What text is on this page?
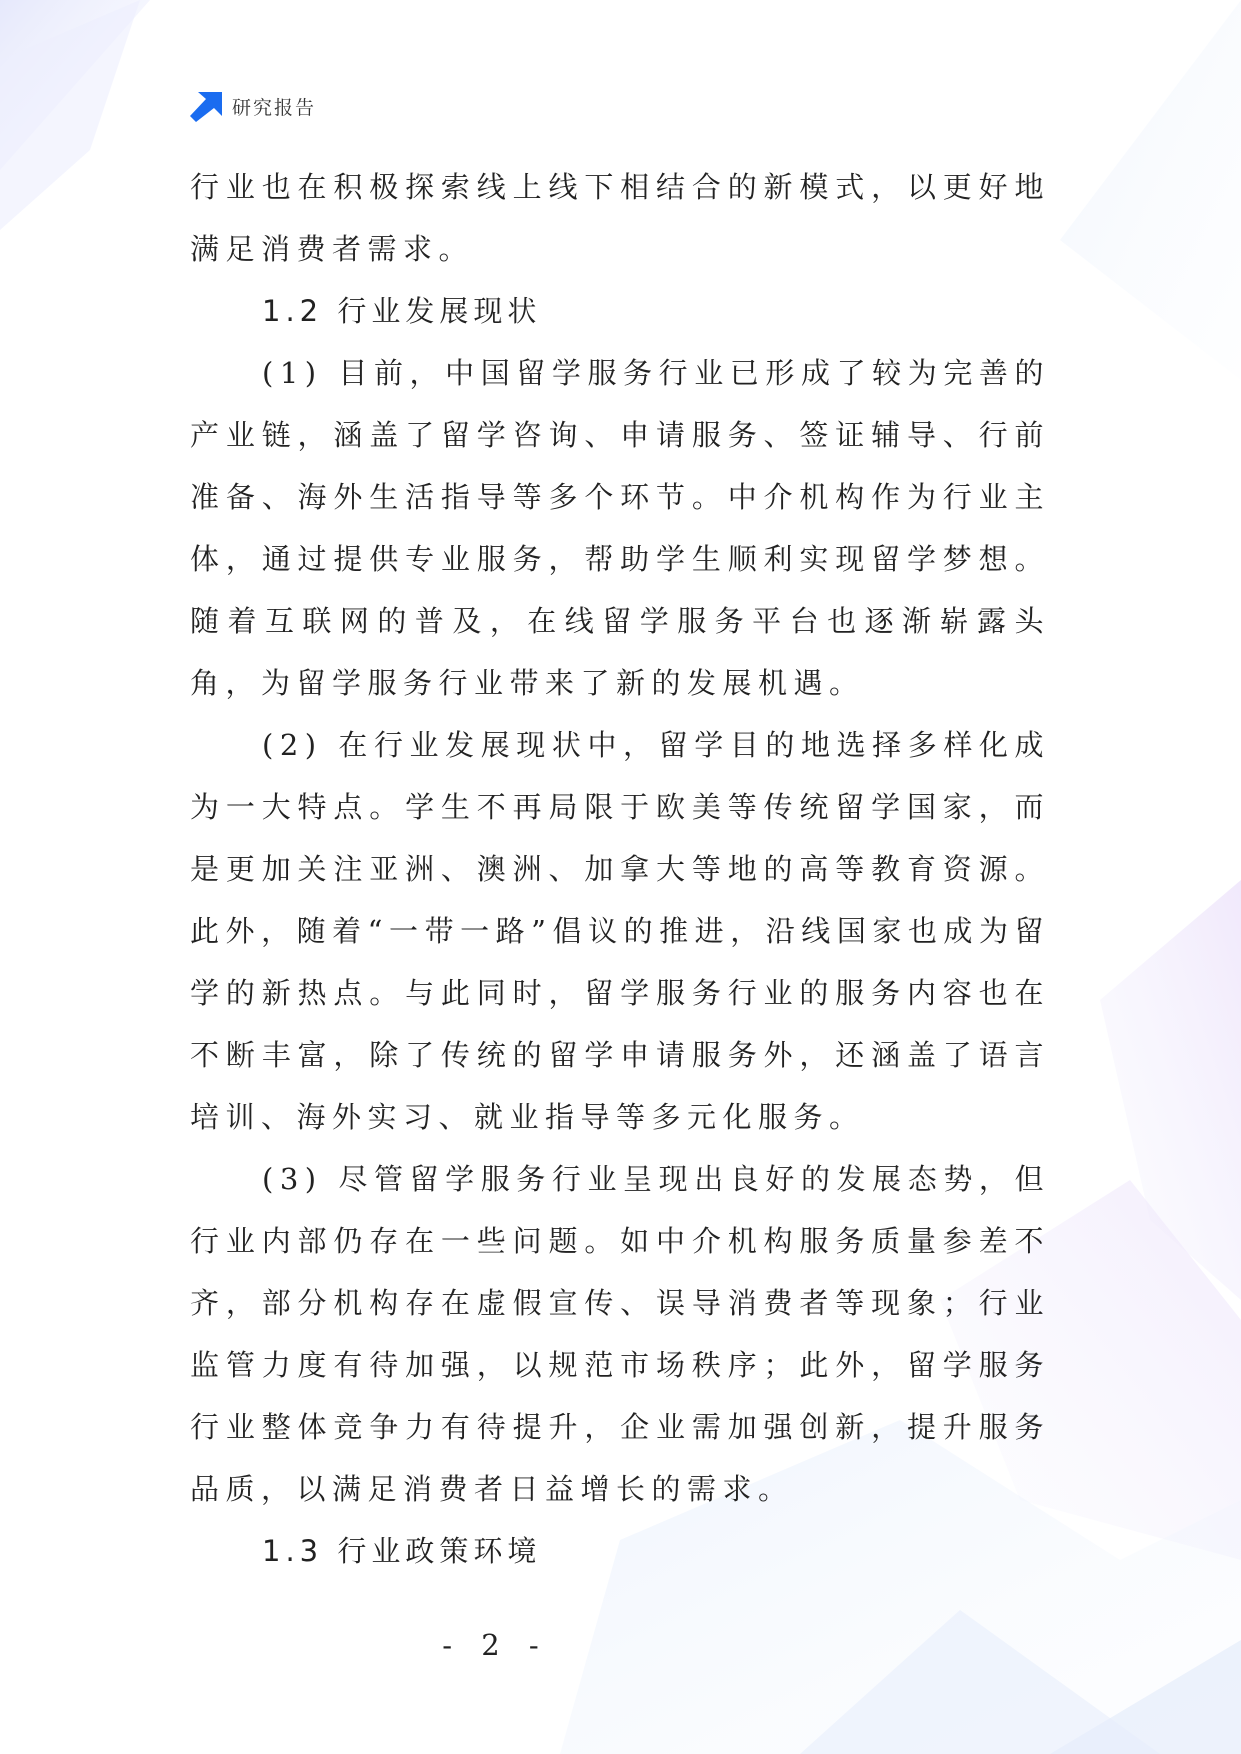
研究报告

行业也在积极探索线上线下相结合的新模式，以更好地满足消费者需求。

1.2 行业发展现状

(1) 目前，中国留学服务行业已形成了较为完善的产业链，涵盖了留学咨询、申请服务、签证辅导、行前准备、海外生活指导等多个环节。中介机构作为行业主体，通过提供专业服务，帮助学生顺利实现留学梦想。随着互联网的普及，在线留学服务平台也逐渐崭露头角，为留学服务行业带来了新的发展机遇。

(2) 在行业发展现状中，留学目的地选择多样化成为一大特点。学生不再局限于欧美等传统留学国家，而是更加关注亚洲、澳洲、加拿大等地的高等教育资源。此外，随着“一带一路”倡议的推进，沿线国家也成为留学的新热点。与此同时，留学服务行业的服务内容也在不断丰富，除了传统的留学申请服务外，还涵盖了语言培训、海外实习、就业指导等多元化服务。

(3) 尽管留学服务行业呈现出良好的发展态势，但行业内部仍存在一些问题。如中介机构服务质量参差不齐，部分机构存在虚假宣传、误导消费者等现象；行业监管力度有待加强，以规范市场秩序；此外，留学服务行业整体竞争力有待提升，企业需加强创新，提升服务品质，以满足消费者日益增长的需求。

1.3 行业政策环境

- 2 -
